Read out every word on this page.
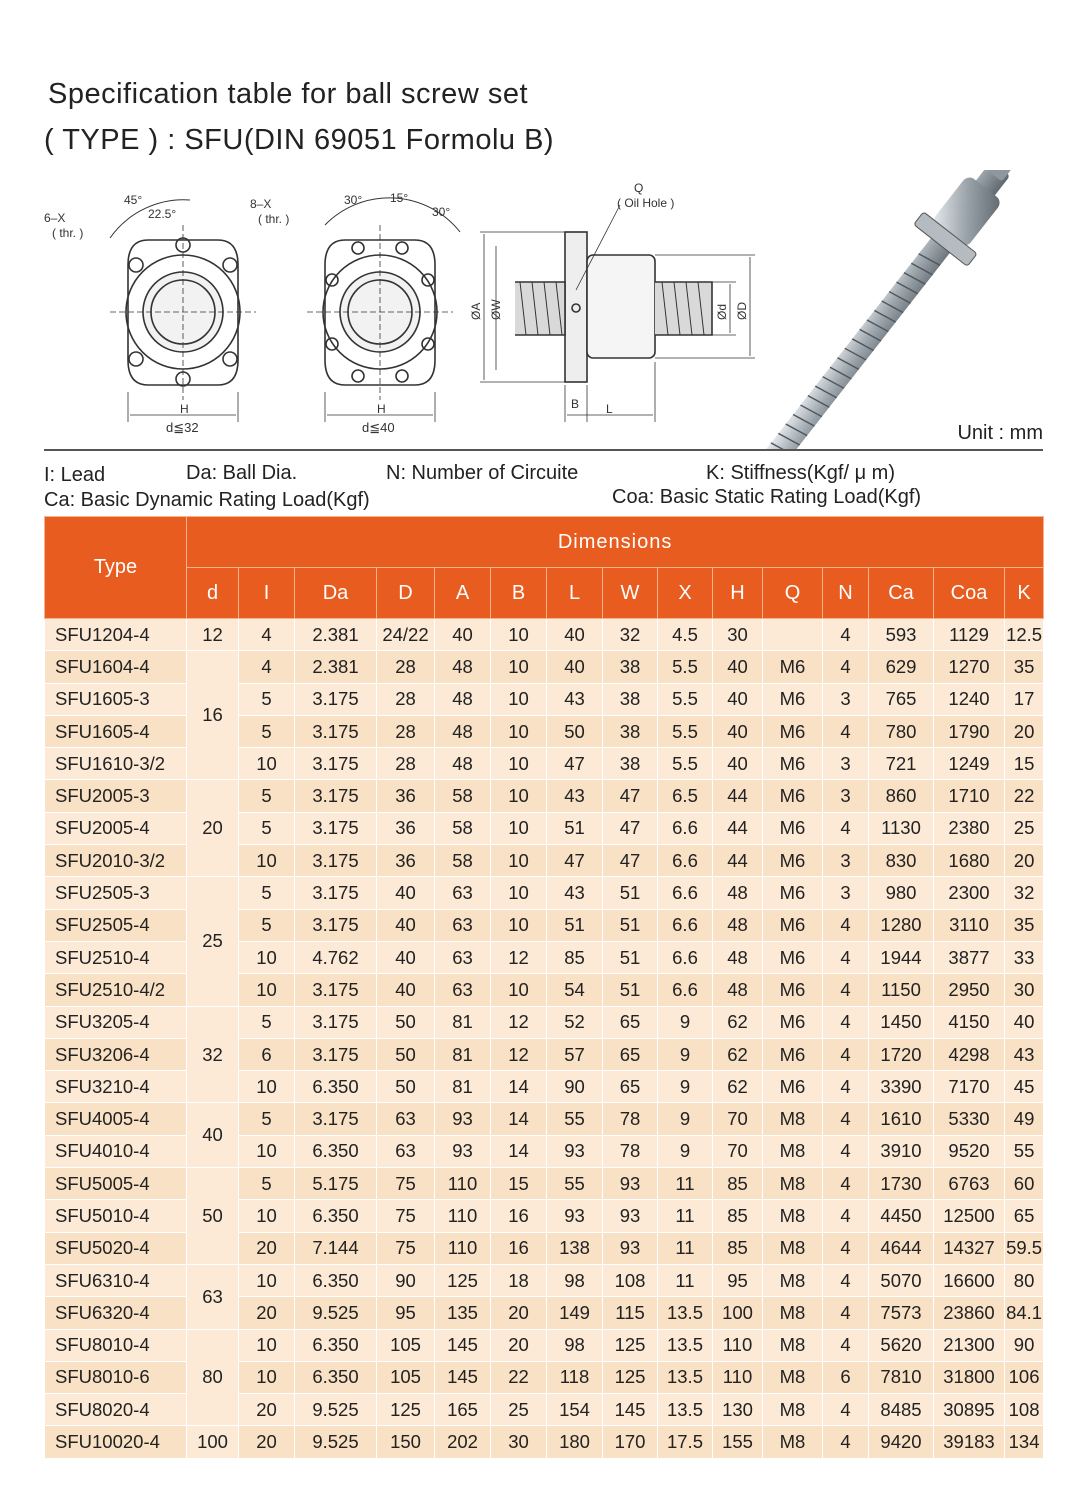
Specification table for ball screw set
( TYPE ) : SFU(DIN 69051 Formolu B)
6–X
( thr. )
45°
22.5°
H
d≦32
8–X
( thr. )
30° 15°
30°
H
d≦40
Q
( Oil Hole )
ØA ØW	Ød ØD
B L
Unit : mm
I: Lead	Da: Ball Dia.	N: Number of Circuite	K: Stiffness(Kgf/ μ m)
Ca: Basic Dynamic Rating Load(Kgf)	Coa: Basic Static Rating Load(Kgf)
Type	Dimensions														
	d	I	Da	D	A	B	L	W	X	H	Q	N	Ca	Coa	K
SFU1204-4	12	4	2.381	24/22	40	10	40	32	4.5	30		4	593	1129	12.5
SFU1604-4	16	4	2.381	28	48	10	40	38	5.5	40	M6	4	629	1270	35
SFU1605-3		5	3.175	28	48	10	43	38	5.5	40	M6	3	765	1240	17
SFU1605-4		5	3.175	28	48	10	50	38	5.5	40	M6	4	780	1790	20
SFU1610-3/2		10	3.175	28	48	10	47	38	5.5	40	M6	3	721	1249	15
SFU2005-3	20	5	3.175	36	58	10	43	47	6.5	44	M6	3	860	1710	22
SFU2005-4		5	3.175	36	58	10	51	47	6.6	44	M6	4	1130	2380	25
SFU2010-3/2		10	3.175	36	58	10	47	47	6.6	44	M6	3	830	1680	20
SFU2505-3	25	5	3.175	40	63	10	43	51	6.6	48	M6	3	980	2300	32
SFU2505-4		5	3.175	40	63	10	51	51	6.6	48	M6	4	1280	3110	35
SFU2510-4		10	4.762	40	63	12	85	51	6.6	48	M6	4	1944	3877	33
SFU2510-4/2		10	3.175	40	63	10	54	51	6.6	48	M6	4	1150	2950	30
SFU3205-4	32	5	3.175	50	81	12	52	65	9	62	M6	4	1450	4150	40
SFU3206-4		6	3.175	50	81	12	57	65	9	62	M6	4	1720	4298	43
SFU3210-4		10	6.350	50	81	14	90	65	9	62	M6	4	3390	7170	45
SFU4005-4	40	5	3.175	63	93	14	55	78	9	70	M8	4	1610	5330	49
SFU4010-4		10	6.350	63	93	14	93	78	9	70	M8	4	3910	9520	55
SFU5005-4	50	5	5.175	75	110	15	55	93	11	85	M8	4	1730	6763	60
SFU5010-4		10	6.350	75	110	16	93	93	11	85	M8	4	4450	12500	65
SFU5020-4		20	7.144	75	110	16	138	93	11	85	M8	4	4644	14327	59.5
SFU6310-4	63	10	6.350	90	125	18	98	108	11	95	M8	4	5070	16600	80
SFU6320-4		20	9.525	95	135	20	149	115	13.5	100	M8	4	7573	23860	84.1
SFU8010-4	80	10	6.350	105	145	20	98	125	13.5	110	M8	4	5620	21300	90
SFU8010-6		10	6.350	105	145	22	118	125	13.5	110	M8	6	7810	31800	106
SFU8020-4		20	9.525	125	165	25	154	145	13.5	130	M8	4	8485	30895	108
SFU10020-4	100	20	9.525	150	202	30	180	170	17.5	155	M8	4	9420	39183	134
